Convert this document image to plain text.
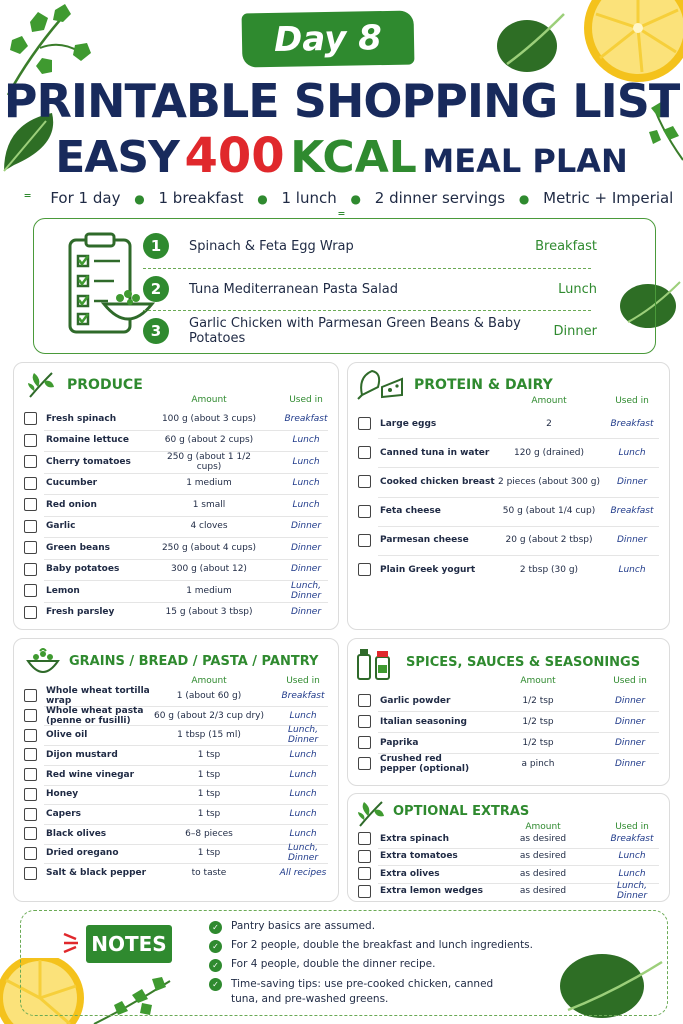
Day 8
PRINTABLE SHOPPING LIST
EASY 400 KCAL MEAL PLAN
⁼ For 1 day ● 1 breakfast ● 1 lunch ● 2 dinner servings ● Metric + Imperial ⁼
1	Spinach & Feta Egg Wrap	Breakfast
2	Tuna Mediterranean Pasta Salad	Lunch
3	Garlic Chicken with Parmesan Green Beans & Baby Potatoes	Dinner
PRODUCE
Amount	Used in
Fresh spinach	100 g (about 3 cups)	Breakfast
Romaine lettuce	60 g (about 2 cups)	Lunch
Cherry tomatoes	250 g (about 1 1/2 cups)	Lunch
Cucumber	1 medium	Lunch
Red onion	1 small	Lunch
Garlic	4 cloves	Dinner
Green beans	250 g (about 4 cups)	Dinner
Baby potatoes	300 g (about 12)	Dinner
Lemon	1 medium	Lunch, Dinner
Fresh parsley	15 g (about 3 tbsp)	Dinner
PROTEIN & DAIRY
Amount	Used in
Large eggs	2	Breakfast
Canned tuna in water	120 g (drained)	Lunch
Cooked chicken breast 2 pieces (about 300 g)	Dinner
Feta cheese	50 g (about 1/4 cup)	Breakfast
Parmesan cheese	20 g (about 2 tbsp)	Dinner
Plain Greek yogurt	2 tbsp (30 g)	Lunch
GRAINS / BREAD / PASTA / PANTRY
Amount	Used in
Whole wheat tortilla wrap	1 (about 60 g)	Breakfast
Whole wheat pasta (penne or fusilli)	60 g (about 2/3 cup dry)	Lunch
Olive oil	1 tbsp (15 ml)	Lunch, Dinner
Dijon mustard	1 tsp	Lunch
Red wine vinegar	1 tsp	Lunch
Honey	1 tsp	Lunch
Capers	1 tsp	Lunch
Black olives	6–8 pieces	Lunch
Dried oregano	1 tsp	Lunch, Dinner
Salt & black pepper	to taste	All recipes
SPICES, SAUCES & SEASONINGS
Amount	Used in
Garlic powder	1/2 tsp	Dinner
Italian seasoning	1/2 tsp	Dinner
Paprika	1/2 tsp	Dinner
Crushed red pepper (optional)	a pinch	Dinner
OPTIONAL EXTRAS
Amount	Used in
Extra spinach	as desired	Breakfast
Extra tomatoes	as desired	Lunch
Extra olives	as desired	Lunch
Extra lemon wedges	as desired	Lunch, Dinner
NOTES
✓	Pantry basics are assumed.
✓	For 2 people, double the breakfast and lunch ingredients.
✓	For 4 people, double the dinner recipe.
✓	Time-saving tips: use pre-cooked chicken, canned tuna, and pre-washed greens.
